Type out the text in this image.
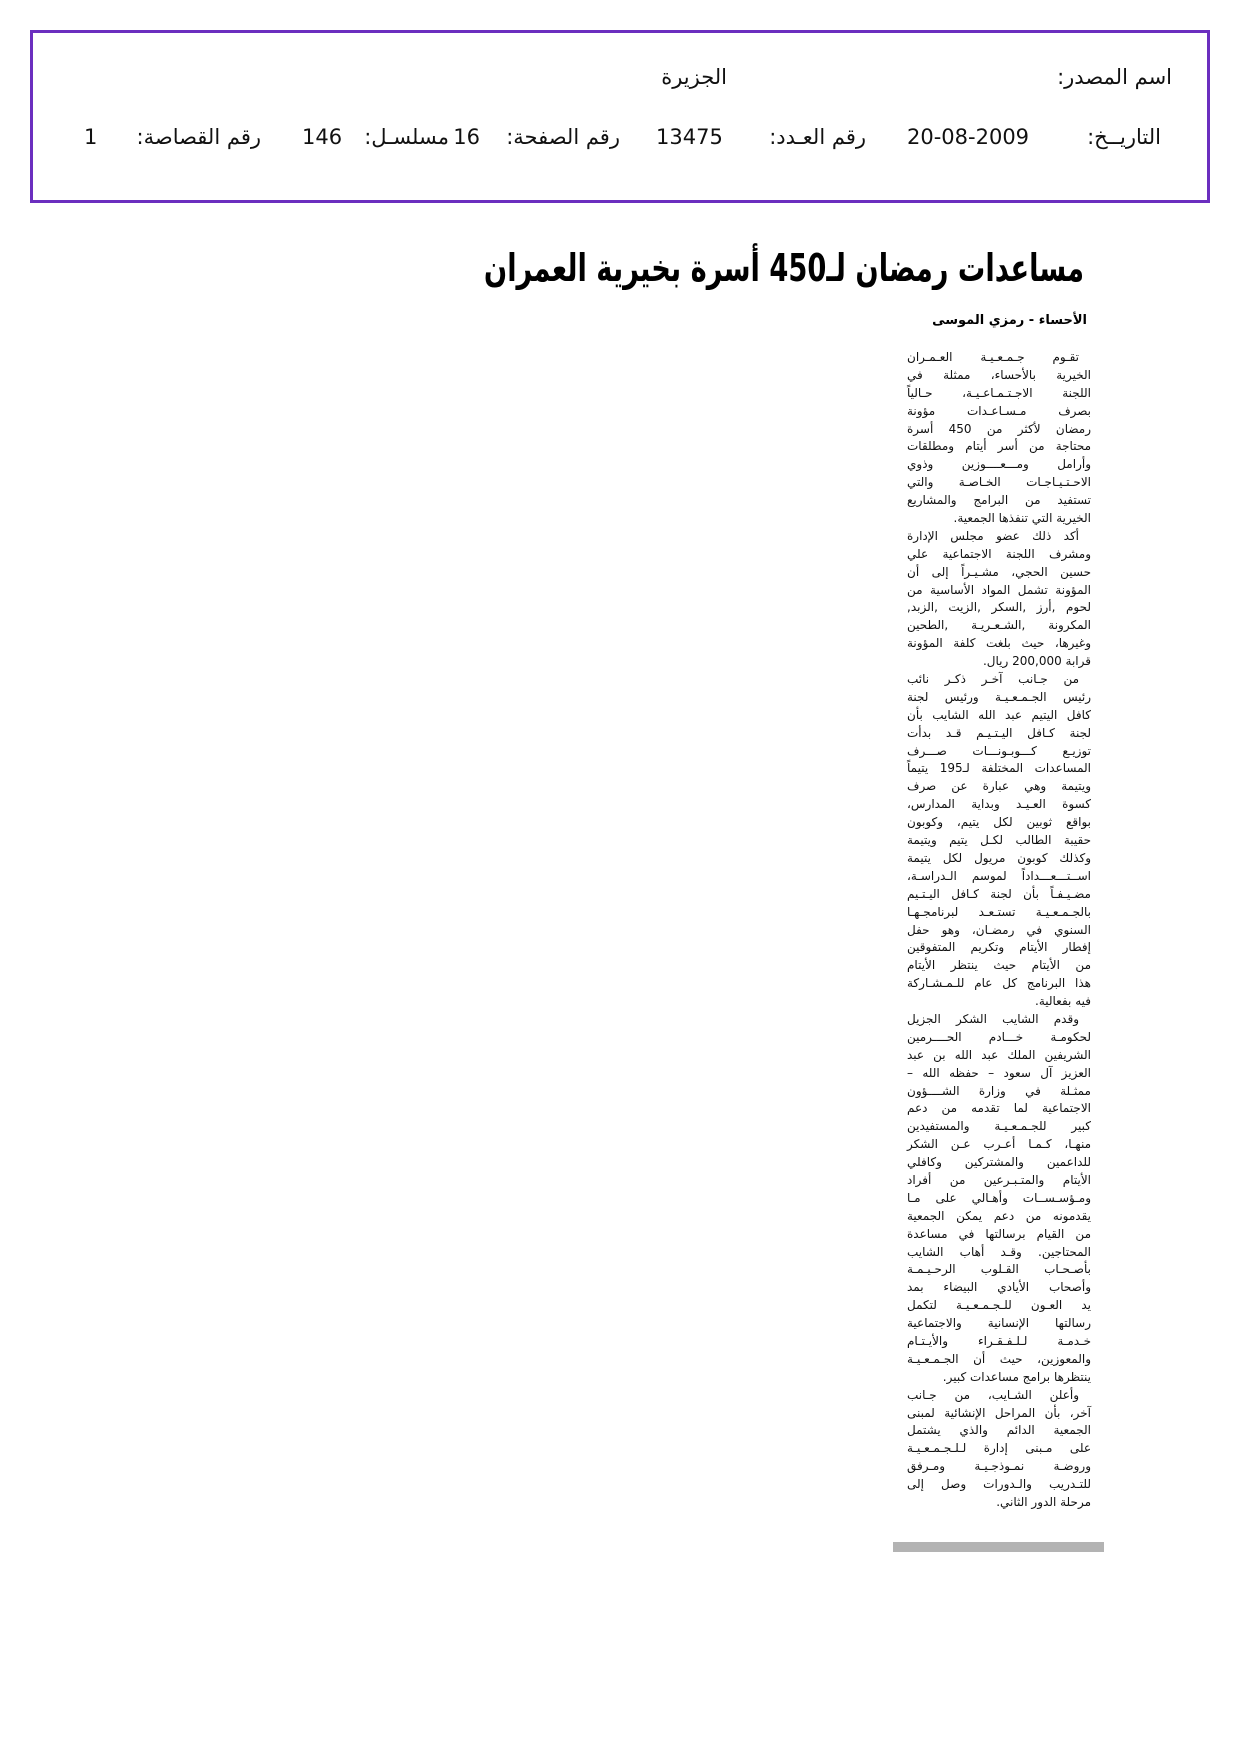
اسم المصدر:
الجزيرة
التاريــخ:
20-08-2009
رقم العـدد:
13475
رقم الصفحة:
16
مسلسـل:
146
رقم القصاصة:
1
مساعدات رمضان لـ450 أسرة بخيرية العمران
الأحساء - رمزي الموسى
تقـوم جـمـعـيـة العـمـران
الخيرية بالأحساء، ممثلة في
اللجنة الاجـتـمـاعـيـة، حـالياً
بصرف مـسـاعـدات مؤونة
رمضان لأكثر من 450 أسرة
محتاجة من أسر أيتام ومطلقات
وأرامل ومـــعــــوزين وذوي
الاحـتـيـاجـات الخـاصـة والتي
تستفيد من البرامج والمشاريع
الخيرية التي تنفذها الجمعية.
أكد ذلك عضو مجلس الإدارة
ومشرف اللجنة الاجتماعية علي
حسين الحجي، مشـيـراً إلى أن
المؤونة تشمل المواد الأساسية من
لحوم ,أرز ,السكر ,الزيت ,الزبد,
المكرونة ,الشـعـريـة ,الطحين
وغيرها، حيث بلغت كلفة المؤونة
قرابة 200,000 ريال.
من جـانب آخـر ذكـر نائب
رئيس الجـمـعـيـة ورئيس لجنة
كافل اليتيم عبد الله الشايب بأن
لجنة كـافل اليـتـيـم قـد بدأت
توزيـع كـــوبـونـــات صـــرف
المساعدات المختلفة لـ195 يتيماً
ويتيمة وهي عبارة عن صرف
كسوة العـيـد وبداية المدارس،
بواقع ثوبين لكل يتيم، وكوبون
حقيبة الطالب لكـل يتيم ويتيمة
وكذلك كوبون مريول لكل يتيمة
اســتـــعـــداداً لموسم الـدراسـة،
مضـيـفـاً بأن لجنة كـافل اليـتـيم
بالجـمـعـيـة تستـعـد لبرنامجـهـا
السنوي في رمضـان، وهو حفل
إفطار الأيتام وتكريم المتفوقين
من الأيتام حيث ينتظر الأيتام
هذا البرنامج كل عام للـمـشـاركة
فيه بفعالية.
وقدم الشايب الشكر الجزيل
لحكومـة خـــادم الحــــرمين
الشريفين الملك عبد الله بن عبد
العزيز آل سعود – حفظه الله –
ممثـلة في وزارة الشــــؤون
الاجتماعية لما تقدمه من دعم
كبير للجـمـعـيـة والمستفيدين
منهـا، كـمـا أعـرب عـن الشكر
للداعمين والمشتركين وكافلي
الأيتام والمتـبـرعين من أفراد
ومـؤسـســات وأهـالي على مـا
يقدمونه من دعم يمكن الجمعية
من القيام برسالتها في مساعدة
المحتاجين. وقـد أهاب الشايب
بأصـحـاب القـلوب الرحـيـمـة
وأصحاب الأيادي البيضاء بمد
يد العـون للـجـمـعـيـة لتكمل
رسالتها الإنسانية والاجتماعية
خـدمـة لـلـفـقـراء والأيـتـام
والمعوزين، حيث أن الجـمـعـيـة
ينتظرها برامج مساعدات كبير.
وأعلن الشـايب، من جـانب
آخر، بأن المراحل الإنشائية لمبنى
الجمعية الدائم والذي يشتمل
على مـبنى إدارة لـلـجـمـعـيـة
وروضـة نمـوذجـيـة ومـرفق
للتـدريب والـدورات وصل إلى
مرحلة الدور الثاني.
